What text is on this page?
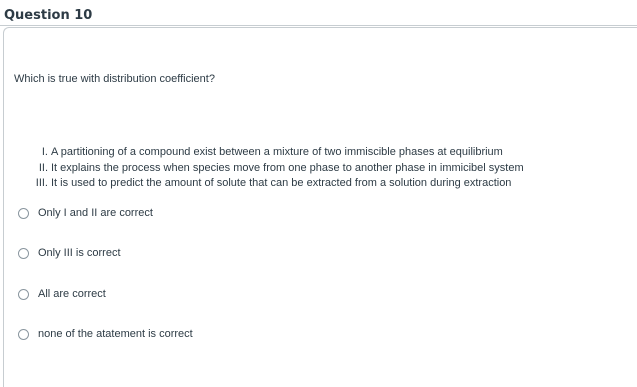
Question 10
Which is true with distribution coefficient?
I. A partitioning of a compound exist between a mixture of two immiscible phases at equilibrium
II. It explains the process when species move from one phase to another phase in immicibel system
III. It is used to predict the amount of solute that can be extracted from a solution during extraction
Only I and II are correct
Only III is correct
All are correct
none of the atatement is correct
